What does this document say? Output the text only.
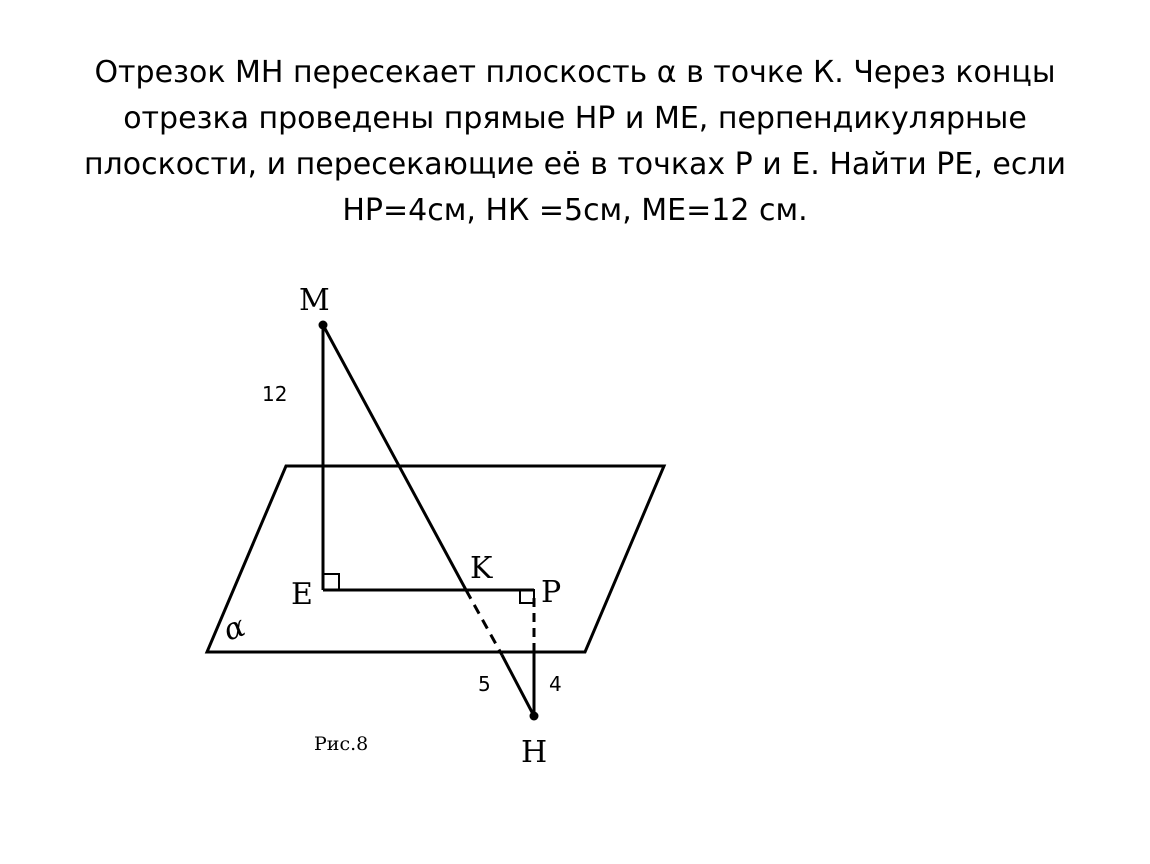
Отрезок МН пересекает плоскость α в точке К. Через концы
отрезка проведены прямые НР и МЕ, перпендикулярные
плоскости, и пересекающие её в точках Р и Е. Найти РЕ, если
НР=4см, НК =5см, МЕ=12 см.
M
E
K
P
H
α
12
5	4
Рис.8
